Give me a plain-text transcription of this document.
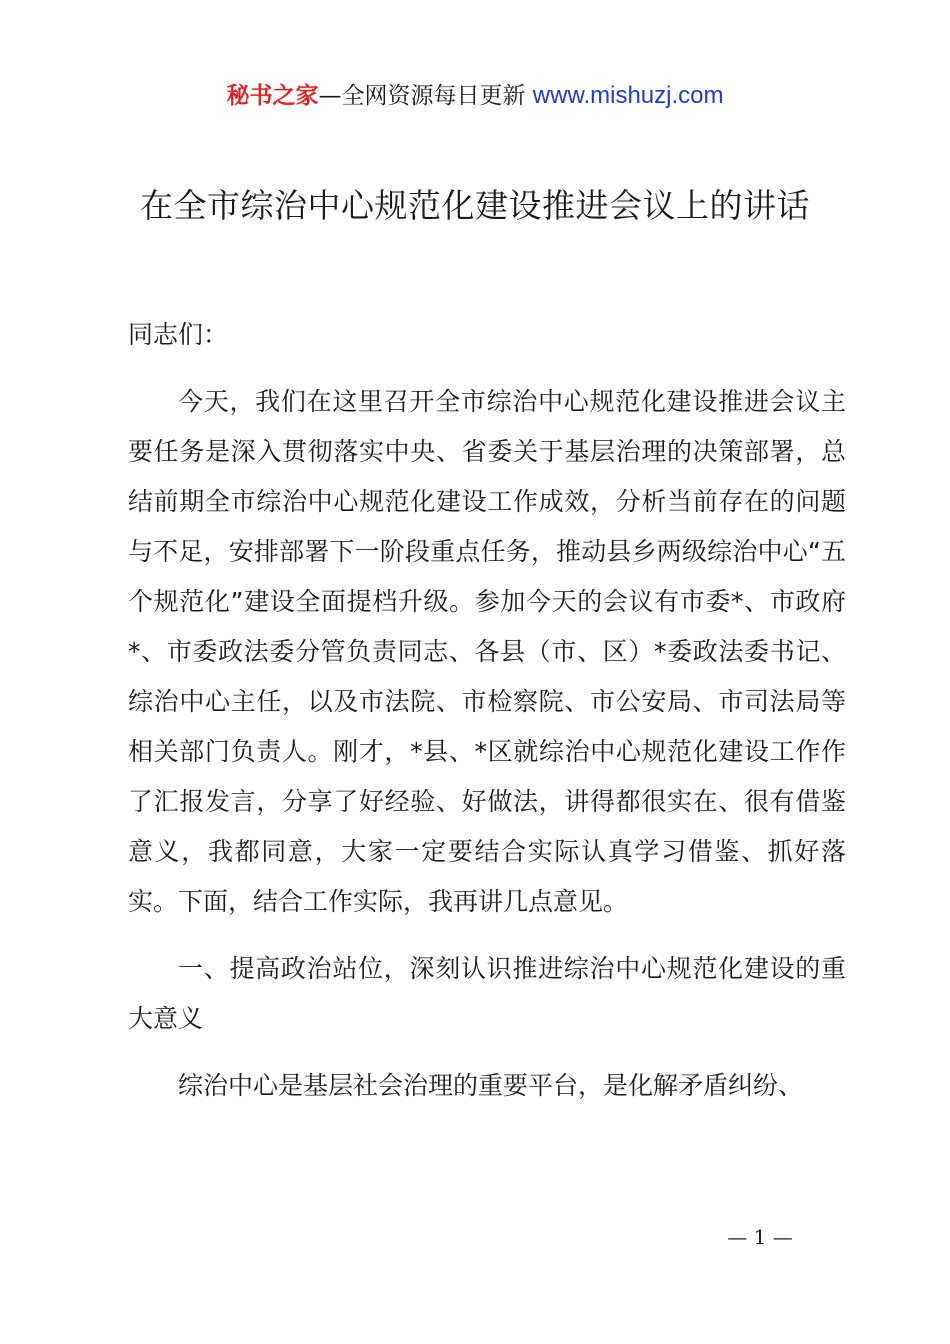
秘书之家—全网资源每日更新 www.mishuzj.com
在全市综治中心规范化建设推进会议上的讲话

同志们：

今天，我们在这里召开全市综治中心规范化建设推进会议主要任务是深入贯彻落实中央、省委关于基层治理的决策部署，总结前期全市综治中心规范化建设工作成效，分析当前存在的问题与不足，安排部署下一阶段重点任务，推动县乡两级综治中心“五个规范化”建设全面提档升级。参加今天的会议有市委*、市政府*、市委政法委分管负责同志、各县（市、区）*委政法委书记、综治中心主任，以及市法院、市检察院、市公安局、市司法局等相关部门负责人。刚才，*县、*区就综治中心规范化建设工作作了汇报发言，分享了好经验、好做法，讲得都很实在、很有借鉴意义，我都同意，大家一定要结合实际认真学习借鉴、抓好落实。下面，结合工作实际，我再讲几点意见。

一、提高政治站位，深刻认识推进综治中心规范化建设的重大意义

综治中心是基层社会治理的重要平台，是化解矛盾纠纷、

— 1 —
